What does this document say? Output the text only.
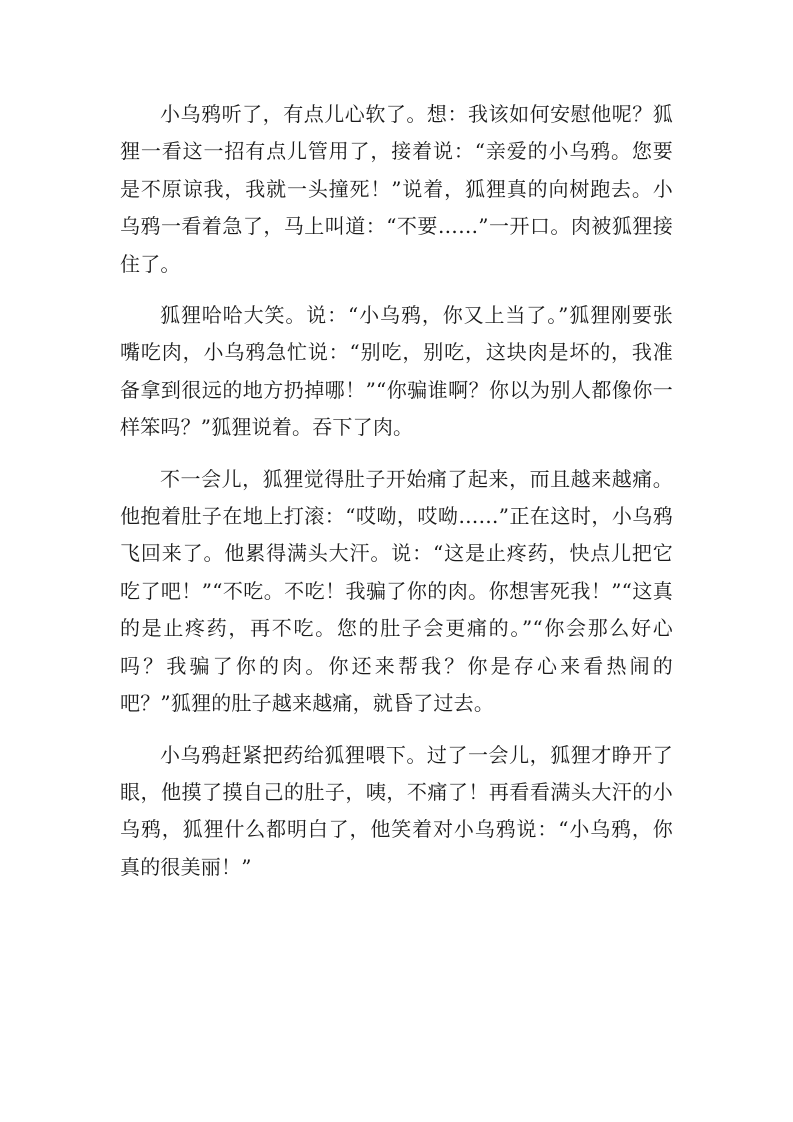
小乌鸦听了，有点儿心软了。想：我该如何安慰他呢？狐狸一看这一招有点儿管用了，接着说：“亲爱的小乌鸦。您要是不原谅我，我就一头撞死！”说着，狐狸真的向树跑去。小乌鸦一看着急了，马上叫道：“不要……”一开口。肉被狐狸接住了。

狐狸哈哈大笑。说：“小乌鸦，你又上当了。”狐狸刚要张嘴吃肉，小乌鸦急忙说：“别吃，别吃，这块肉是坏的，我准备拿到很远的地方扔掉哪！”“你骗谁啊？你以为别人都像你一样笨吗？”狐狸说着。吞下了肉。

不一会儿，狐狸觉得肚子开始痛了起来，而且越来越痛。他抱着肚子在地上打滚：“哎呦，哎呦……”正在这时，小乌鸦飞回来了。他累得满头大汗。说：“这是止疼药，快点儿把它吃了吧！”“不吃。不吃！我骗了你的肉。你想害死我！”“这真的是止疼药，再不吃。您的肚子会更痛的。”“你会那么好心吗？我骗了你的肉。你还来帮我？你是存心来看热闹的吧？”狐狸的肚子越来越痛，就昏了过去。

小乌鸦赶紧把药给狐狸喂下。过了一会儿，狐狸才睁开了眼，他摸了摸自己的肚子，咦，不痛了！再看看满头大汗的小乌鸦，狐狸什么都明白了，他笑着对小乌鸦说：“小乌鸦，你真的很美丽！”
